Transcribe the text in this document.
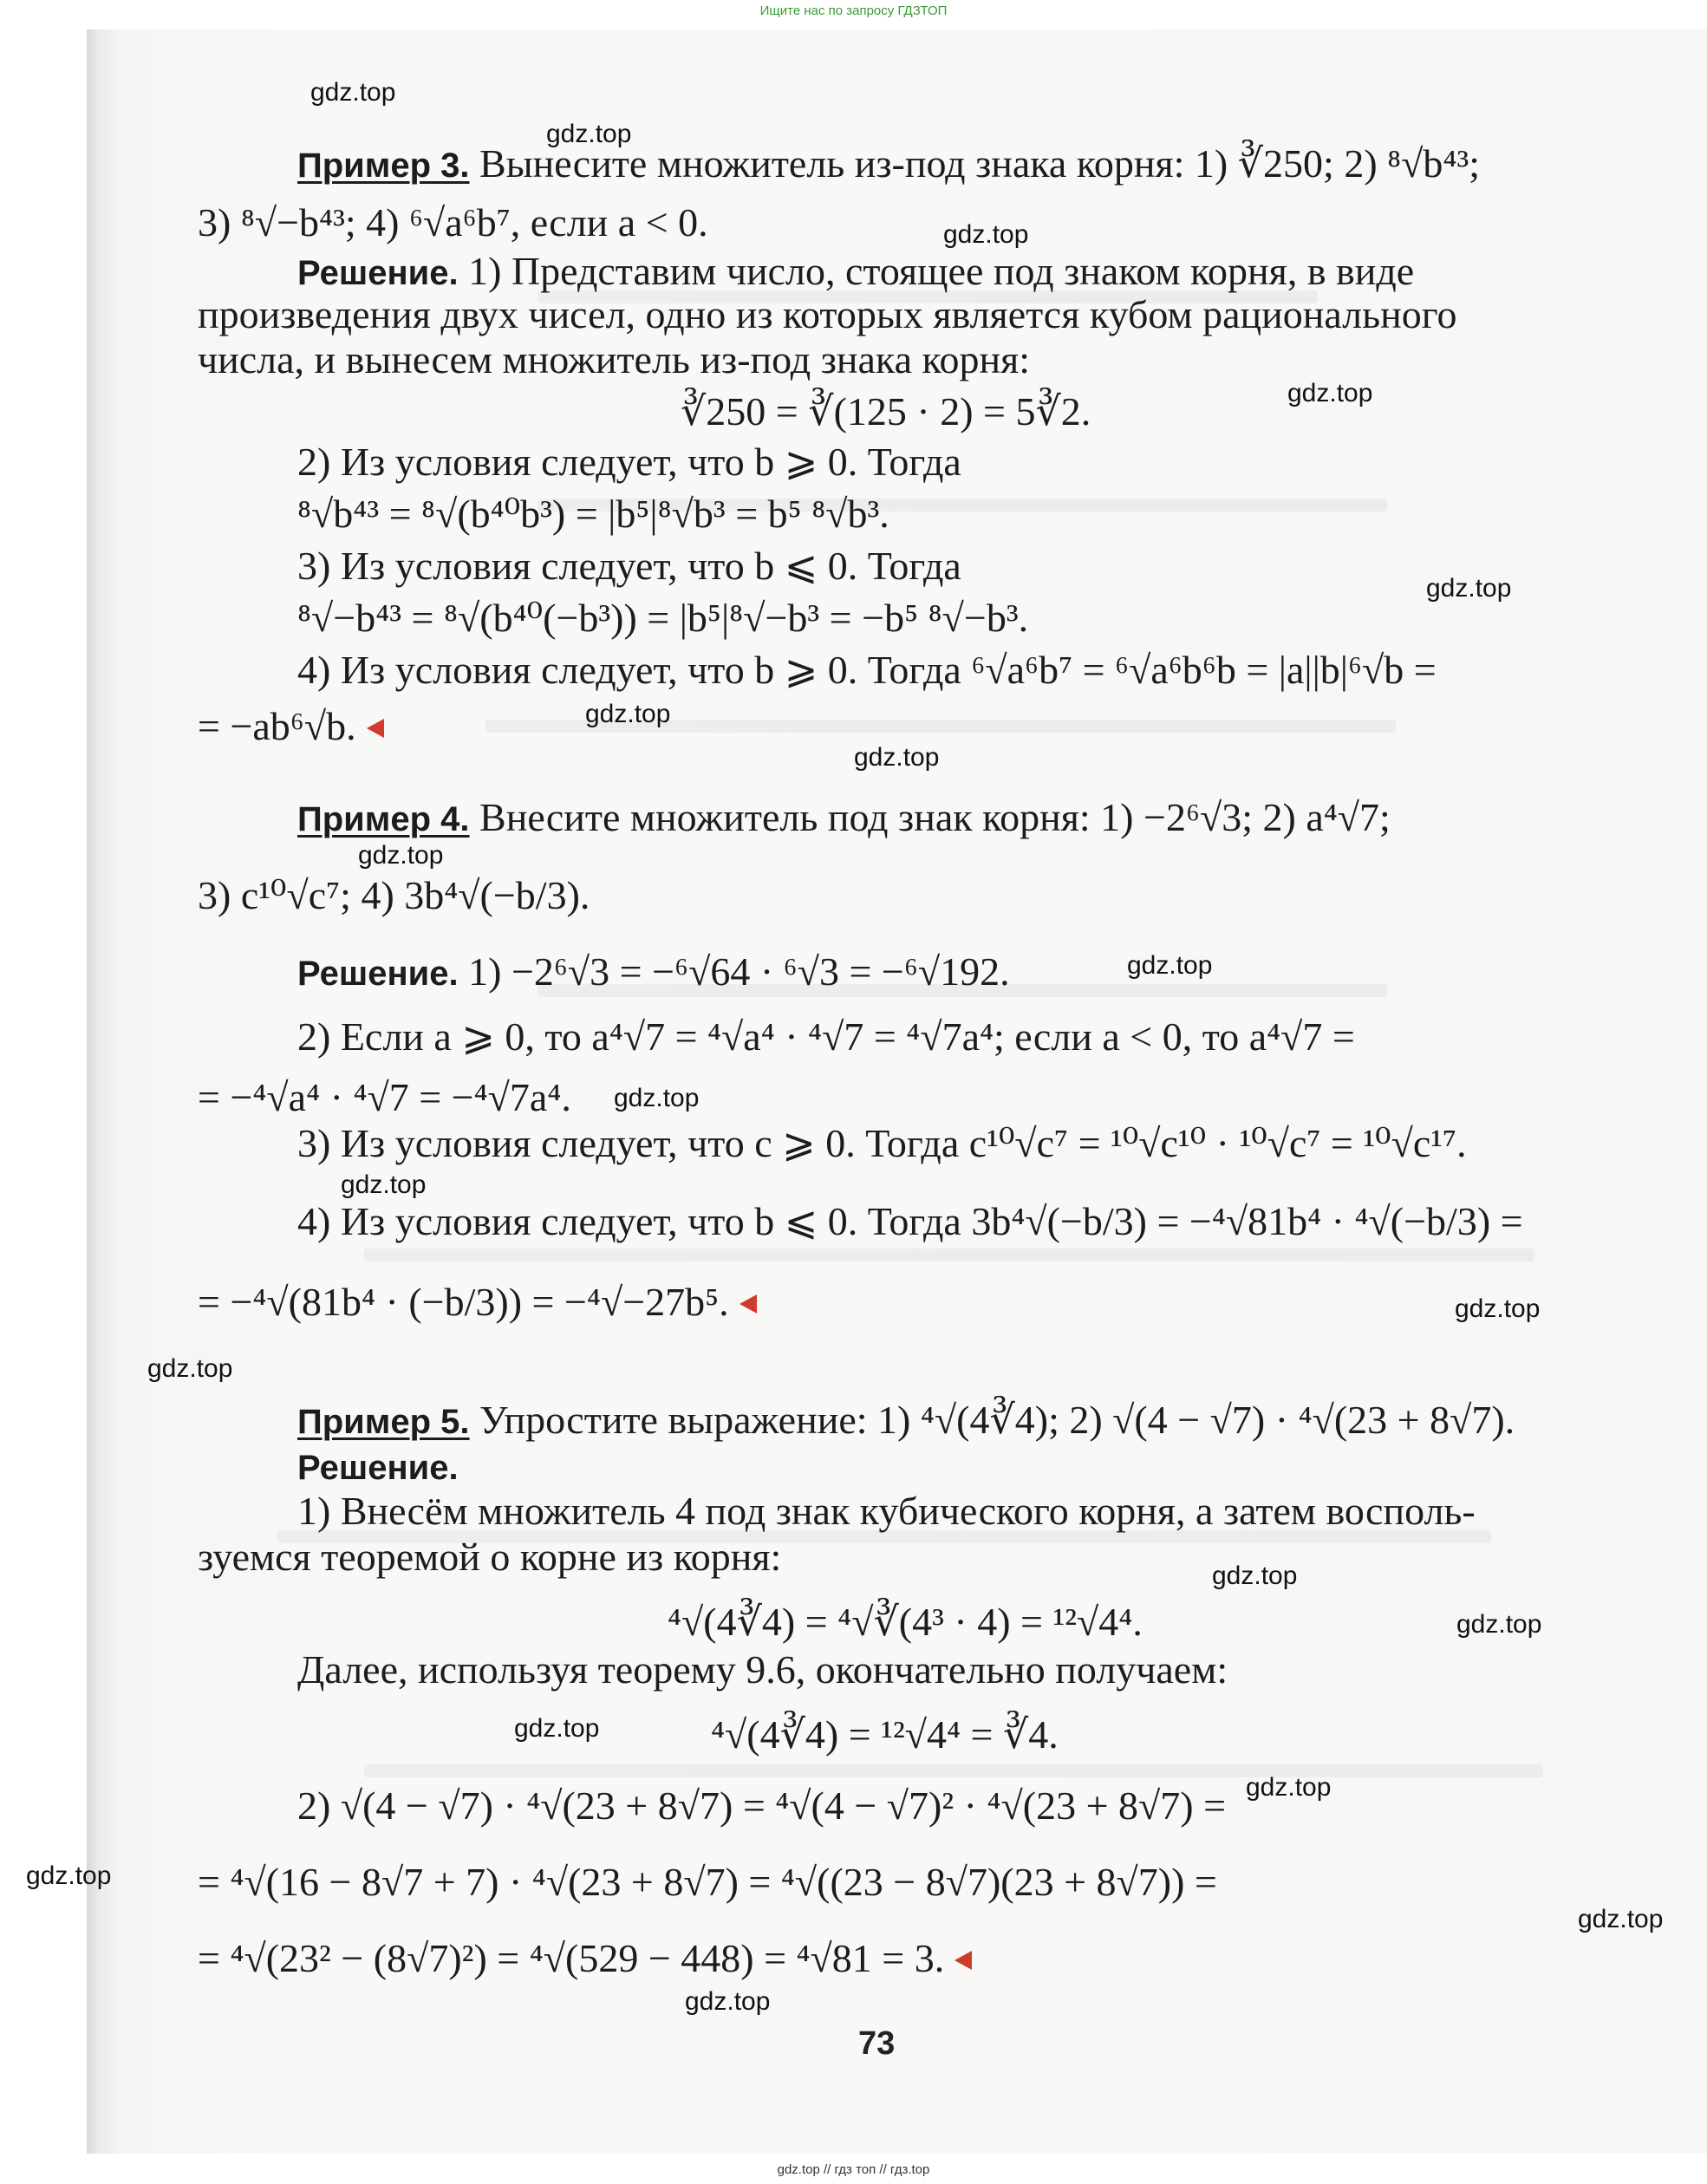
Ищите нас по запросу ГДЗТОП
Пример 3. Вынесите множитель из-под знака корня: 1) ∛250; 2) ⁸√b⁴³;
3) ⁸√−b⁴³; 4) ⁶√a⁶b⁷, если a < 0.
Решение. 1) Представим число, стоящее под знаком корня, в виде
произведения двух чисел, одно из которых является кубом рационального
числа, и вынесем множитель из-под знака корня:
∛250 = ∛(125 · 2) = 5∛2.
2) Из условия следует, что b ⩾ 0. Тогда
⁸√b⁴³ = ⁸√(b⁴⁰b³) = |b⁵|⁸√b³ = b⁵ ⁸√b³.
3) Из условия следует, что b ⩽ 0. Тогда
⁸√−b⁴³ = ⁸√(b⁴⁰(−b³)) = |b⁵|⁸√−b³ = −b⁵ ⁸√−b³.
4) Из условия следует, что b ⩾ 0. Тогда ⁶√a⁶b⁷ = ⁶√a⁶b⁶b = |a||b|⁶√b =
= −ab⁶√b.
Пример 4. Внесите множитель под знак корня: 1) −2⁶√3; 2) a⁴√7;
3) c¹⁰√c⁷; 4) 3b⁴√(−b/3).
Решение. 1) −2⁶√3 = −⁶√64 · ⁶√3 = −⁶√192.
2) Если a ⩾ 0, то a⁴√7 = ⁴√a⁴ · ⁴√7 = ⁴√7a⁴; если a < 0, то a⁴√7 =
= −⁴√a⁴ · ⁴√7 = −⁴√7a⁴.
3) Из условия следует, что c ⩾ 0. Тогда c¹⁰√c⁷ = ¹⁰√c¹⁰ · ¹⁰√c⁷ = ¹⁰√c¹⁷.
4) Из условия следует, что b ⩽ 0. Тогда 3b⁴√(−b/3) = −⁴√81b⁴ · ⁴√(−b/3) =
= −⁴√(81b⁴ · (−b/3)) = −⁴√−27b⁵.
Пример 5. Упростите выражение: 1) ⁴√(4∛4); 2) √(4 − √7) · ⁴√(23 + 8√7).
Решение.
1) Внесём множитель 4 под знак кубического корня, а затем восполь-
зуемся теоремой о корне из корня:
⁴√(4∛4) = ⁴√∛(4³ · 4) = ¹²√4⁴.
Далее, используя теорему 9.6, окончательно получаем:
⁴√(4∛4) = ¹²√4⁴ = ∛4.
2) √(4 − √7) · ⁴√(23 + 8√7) = ⁴√(4 − √7)² · ⁴√(23 + 8√7) =
= ⁴√(16 − 8√7 + 7) · ⁴√(23 + 8√7) = ⁴√((23 − 8√7)(23 + 8√7)) =
= ⁴√(23² − (8√7)²) = ⁴√(529 − 448) = ⁴√81 = 3.
gdz.top
gdz.top
gdz.top
gdz.top
gdz.top
gdz.top
gdz.top
gdz.top
gdz.top
gdz.top
gdz.top
gdz.top
gdz.top
gdz.top
gdz.top
gdz.top
gdz.top
gdz.top
gdz.top
gdz.top
73
gdz.top // гдз топ // гдз.top
